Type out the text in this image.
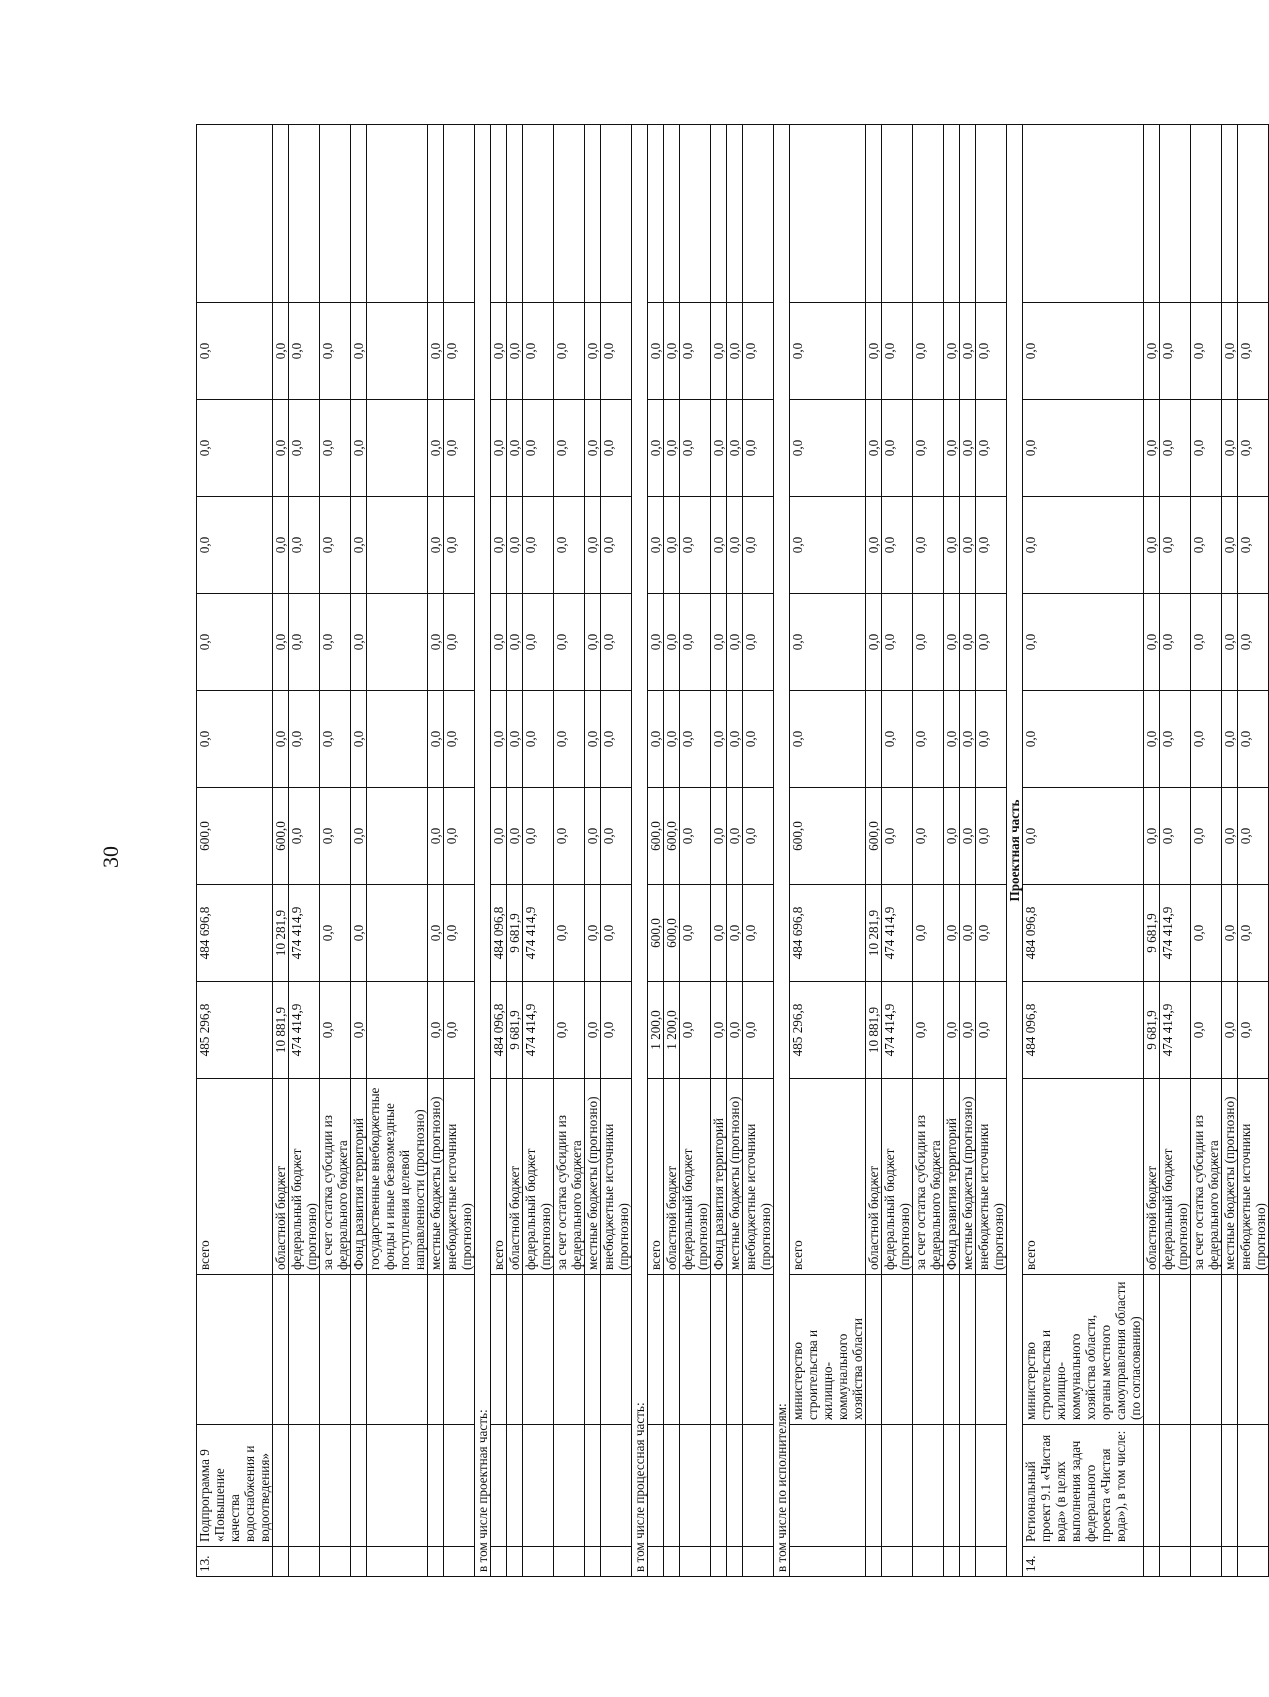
30
13.	Подпрограмма 9 «Повышение качества водоснабжения и водоотведения»		всего	485 296,8	484 696,8	600,0	0,0	0,0	0,0	0,0	0,0	
			областной бюджет	10 881,9	10 281,9	600,0	0,0	0,0	0,0	0,0	0,0	
			федеральный бюджет (прогнозно)	474 414,9	474 414,9	0,0	0,0	0,0	0,0	0,0	0,0	
			за счет остатка субсидии из федерального бюджета	0,0	0,0	0,0	0,0	0,0	0,0	0,0	0,0	
			Фонд развития территорий	0,0	0,0	0,0	0,0	0,0	0,0	0,0	0,0	
			государственные внебюджетные фонды и иные безвозмездные поступления целевой направленности (прогнозно)									
			местные бюджеты (прогнозно)	0,0	0,0	0,0	0,0	0,0	0,0	0,0	0,0	
			внебюджетные источники (прогнозно)	0,0	0,0	0,0	0,0	0,0	0,0	0,0	0,0	
в том числе проектная часть:												
			всего	484 096,8	484 096,8	0,0	0,0	0,0	0,0	0,0	0,0	
			областной бюджет	9 681,9	9 681,9	0,0	0,0	0,0	0,0	0,0	0,0	
			федеральный бюджет (прогнозно)	474 414,9	474 414,9	0,0	0,0	0,0	0,0	0,0	0,0	
			за счет остатка субсидии из федерального бюджета	0,0	0,0	0,0	0,0	0,0	0,0	0,0	0,0	
			местные бюджеты (прогнозно)	0,0	0,0	0,0	0,0	0,0	0,0	0,0	0,0	
			внебюджетные источники (прогнозно)	0,0	0,0	0,0	0,0	0,0	0,0	0,0	0,0	
в том числе процессная часть:												
			всего	1 200,0	600,0	600,0	0,0	0,0	0,0	0,0	0,0	
			областной бюджет	1 200,0	600,0	600,0	0,0	0,0	0,0	0,0	0,0	
			федеральный бюджет (прогнозно)	0,0	0,0	0,0	0,0	0,0	0,0	0,0	0,0	
			Фонд развития территорий	0,0	0,0	0,0	0,0	0,0	0,0	0,0	0,0	
			местные бюджеты (прогнозно)	0,0	0,0	0,0	0,0	0,0	0,0	0,0	0,0	
			внебюджетные источники (прогнозно)	0,0	0,0	0,0	0,0	0,0	0,0	0,0	0,0	
в том числе по исполнителям:												
		министерство строительства и жилищно-коммунального хозяйства области	всего	485 296,8	484 696,8	600,0	0,0	0,0	0,0	0,0	0,0	
			областной бюджет	10 881,9	10 281,9	600,0		0,0	0,0	0,0	0,0	
			федеральный бюджет (прогнозно)	474 414,9	474 414,9	0,0	0,0	0,0	0,0	0,0	0,0	
			за счет остатка субсидии из федерального бюджета	0,0	0,0	0,0	0,0	0,0	0,0	0,0	0,0	
			Фонд развития территорий	0,0	0,0	0,0	0,0	0,0	0,0	0,0	0,0	
			местные бюджеты (прогнозно)	0,0	0,0	0,0	0,0	0,0	0,0	0,0	0,0	
			внебюджетные источники (прогнозно)	0,0	0,0	0,0	0,0	0,0	0,0	0,0	0,0	
Проектная часть												
14.	Региональный проект 9.1 «Чистая вода» (в целях выполнения задач федерального проекта «Чистая вода»), в том числе:	министерство строительства и жилищно-коммунального хозяйства области, органы местного самоуправления области (по согласованию)	всего	484 096,8	484 096,8	0,0	0,0	0,0	0,0	0,0	0,0	
			областной бюджет	9 681,9	9 681,9	0,0	0,0	0,0	0,0	0,0	0,0	
			федеральный бюджет (прогнозно)	474 414,9	474 414,9	0,0	0,0	0,0	0,0	0,0	0,0	
			за счет остатка субсидии из федерального бюджета	0,0	0,0	0,0	0,0	0,0	0,0	0,0	0,0	
			местные бюджеты (прогнозно)	0,0	0,0	0,0	0,0	0,0	0,0	0,0	0,0	
			внебюджетные источники (прогнозно)	0,0	0,0	0,0	0,0	0,0	0,0	0,0	0,0	
